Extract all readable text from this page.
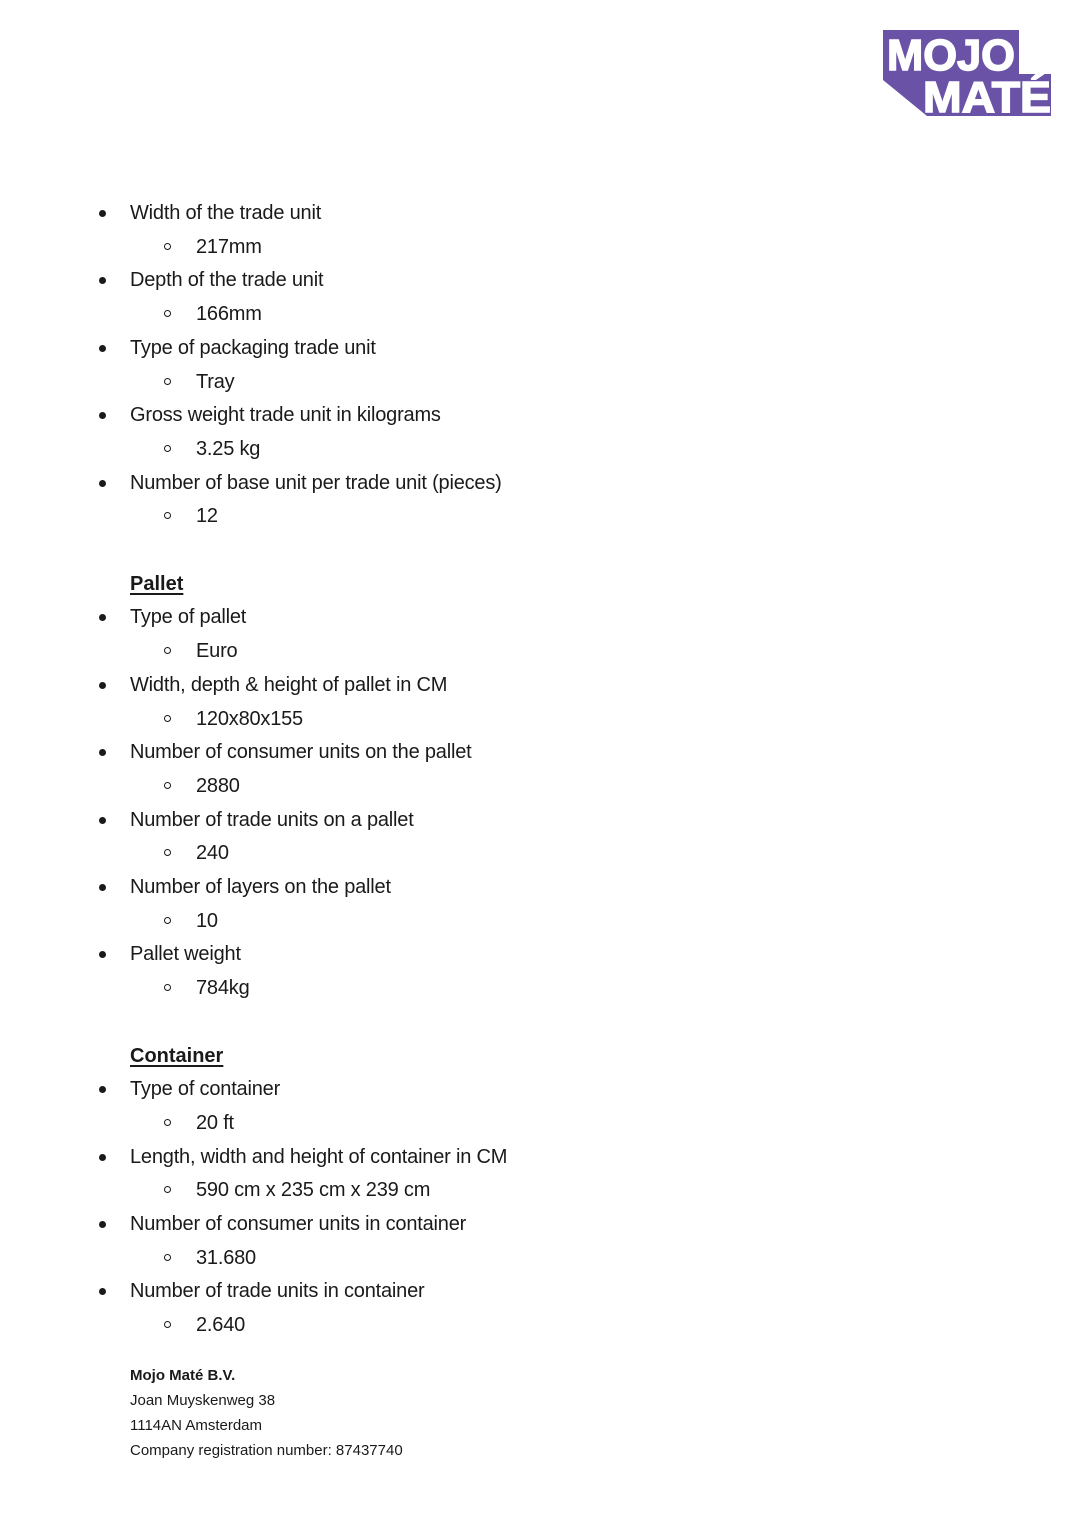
MOJO
MATÉ
Width of the trade unit
217mm
Depth of the trade unit
166mm
Type of packaging trade unit
Tray
Gross weight trade unit in kilograms
3.25 kg
Number of base unit per trade unit (pieces)
12
Pallet
Type of pallet
Euro
Width, depth & height of pallet in CM
120x80x155
Number of consumer units on the pallet
2880
Number of trade units on a pallet
240
Number of layers on the pallet
10
Pallet weight
784kg
Container
Type of container
20 ft
Length, width and height of container in CM
590 cm x 235 cm x 239 cm
Number of consumer units in container
31.680
Number of trade units in container
2.640
Mojo Maté B.V.
Joan Muyskenweg 38
1114AN Amsterdam
Company registration number: 87437740
